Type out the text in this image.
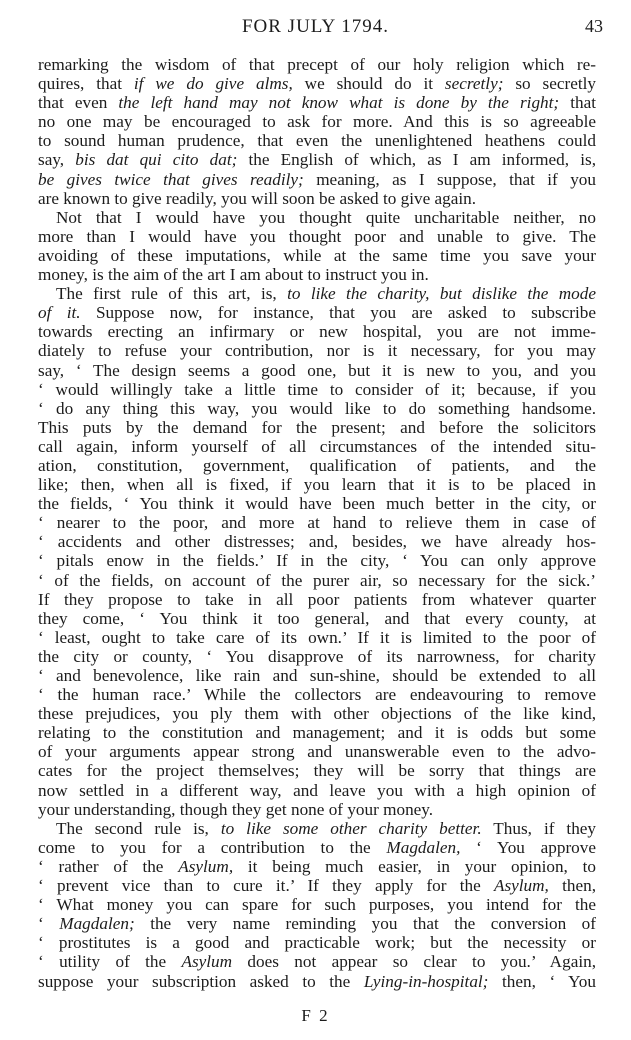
FOR JULY 1794.	43
remarking the wisdom of that precept of our holy religion which re-
quires, that if we do give alms, we should do it secretly; so secretly
that even the left hand may not know what is done by the right; that
no one may be encouraged to ask for more. And this is so agreeable
to sound human prudence, that even the unenlightened heathens could
say, bis dat qui cito dat; the English of which, as I am informed, is,
be gives twice that gives readily; meaning, as I suppose, that if you
are known to give readily, you will soon be asked to give again.
Not that I would have you thought quite uncharitable neither, no
more than I would have you thought poor and unable to give. The
avoiding of these imputations, while at the same time you save your
money, is the aim of the art I am about to instruct you in.
The first rule of this art, is, to like the charity, but dislike the mode
of it. Suppose now, for instance, that you are asked to subscribe
towards erecting an infirmary or new hospital, you are not imme-
diately to refuse your contribution, nor is it necessary, for you may
say, ‘ The design seems a good one, but it is new to you, and you
‘ would willingly take a little time to consider of it; because, if you
‘ do any thing this way, you would like to do something handsome.
This puts by the demand for the present; and before the solicitors
call again, inform yourself of all circumstances of the intended situ-
ation, constitution, government, qualification of patients, and the
like; then, when all is fixed, if you learn that it is to be placed in
the fields, ‘ You think it would have been much better in the city, or
‘ nearer to the poor, and more at hand to relieve them in case of
‘ accidents and other distresses; and, besides, we have already hos-
‘ pitals enow in the fields.’ If in the city, ‘ You can only approve
‘ of the fields, on account of the purer air, so necessary for the sick.’
If they propose to take in all poor patients from whatever quarter
they come, ‘ You think it too general, and that every county, at
‘ least, ought to take care of its own.’ If it is limited to the poor of
the city or county, ‘ You disapprove of its narrowness, for charity
‘ and benevolence, like rain and sun-shine, should be extended to all
‘ the human race.’ While the collectors are endeavouring to remove
these prejudices, you ply them with other objections of the like kind,
relating to the constitution and management; and it is odds but some
of your arguments appear strong and unanswerable even to the advo-
cates for the project themselves; they will be sorry that things are
now settled in a different way, and leave you with a high opinion of
your understanding, though they get none of your money.
The second rule is, to like some other charity better. Thus, if they
come to you for a contribution to the Magdalen, ‘ You approve
‘ rather of the Asylum, it being much easier, in your opinion, to
‘ prevent vice than to cure it.’ If they apply for the Asylum, then,
‘ What money you can spare for such purposes, you intend for the
‘ Magdalen; the very name reminding you that the conversion of
‘ prostitutes is a good and practicable work; but the necessity or
‘ utility of the Asylum does not appear so clear to you.’ Again,
suppose your subscription asked to the Lying-in-hospital; then, ‘ You
F 2
